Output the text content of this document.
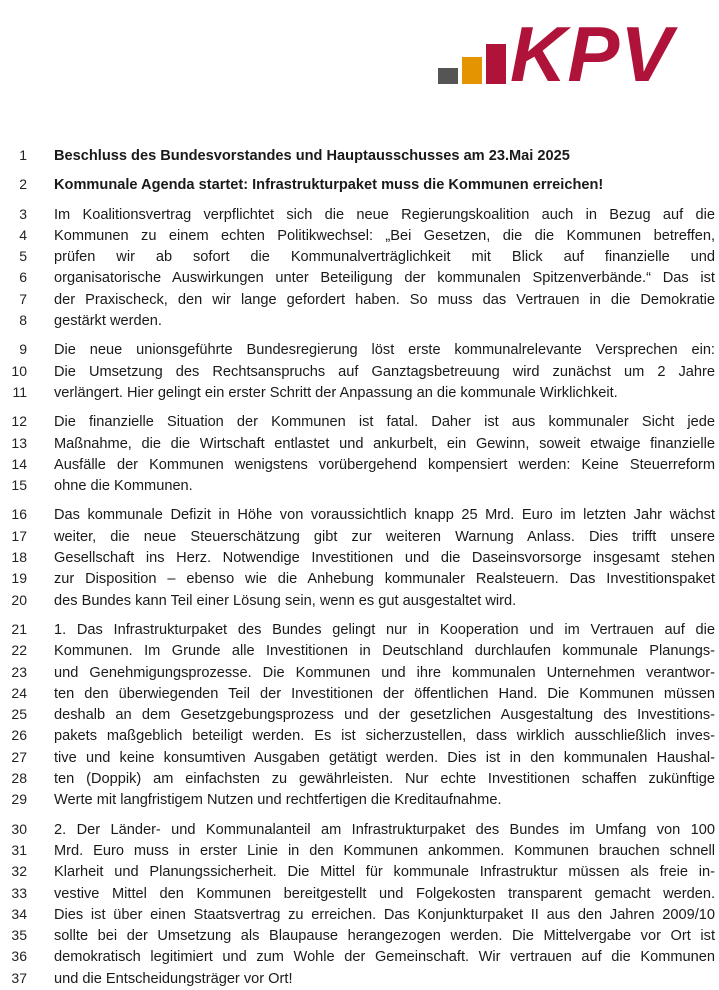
KPV
1	Beschluss des Bundesvorstandes und Hauptausschusses am 23.Mai 2025
2	Kommunale Agenda startet: Infrastrukturpaket muss die Kommunen erreichen!
3	Im Koalitionsvertrag verpflichtet sich die neue Regierungskoalition auch in Bezug auf die
4	Kommunen zu einem echten Politikwechsel: „Bei Gesetzen, die die Kommunen betreffen,
5	prüfen wir ab sofort die Kommunalverträglichkeit mit Blick auf finanzielle und
6	organisatorische Auswirkungen unter Beteiligung der kommunalen Spitzenverbände.“ Das ist
7	der Praxischeck, den wir lange gefordert haben. So muss das Vertrauen in die Demokratie
8	gestärkt werden.
9	Die neue unionsgeführte Bundesregierung löst erste kommunalrelevante Versprechen ein:
10	Die Umsetzung des Rechtsanspruchs auf Ganztagsbetreuung wird zunächst um 2 Jahre
11	verlängert. Hier gelingt ein erster Schritt der Anpassung an die kommunale Wirklichkeit.
12	Die finanzielle Situation der Kommunen ist fatal. Daher ist aus kommunaler Sicht jede
13	Maßnahme, die die Wirtschaft entlastet und ankurbelt, ein Gewinn, soweit etwaige finanzielle
14	Ausfälle der Kommunen wenigstens vorübergehend kompensiert werden: Keine Steuerreform
15	ohne die Kommunen.
16	Das kommunale Defizit in Höhe von voraussichtlich knapp 25 Mrd. Euro im letzten Jahr wächst
17	weiter, die neue Steuerschätzung gibt zur weiteren Warnung Anlass. Dies trifft unsere
18	Gesellschaft ins Herz. Notwendige Investitionen und die Daseinsvorsorge insgesamt stehen
19	zur Disposition – ebenso wie die Anhebung kommunaler Realsteuern. Das Investitionspaket
20	des Bundes kann Teil einer Lösung sein, wenn es gut ausgestaltet wird.
21	1. Das Infrastrukturpaket des Bundes gelingt nur in Kooperation und im Vertrauen auf die
22	Kommunen. Im Grunde alle Investitionen in Deutschland durchlaufen kommunale Planungs-
23	und Genehmigungsprozesse. Die Kommunen und ihre kommunalen Unternehmen verantwor-
24	ten den überwiegenden Teil der Investitionen der öffentlichen Hand. Die Kommunen müssen
25	deshalb an dem Gesetzgebungsprozess und der gesetzlichen Ausgestaltung des Investitions-
26	pakets maßgeblich beteiligt werden. Es ist sicherzustellen, dass wirklich ausschließlich inves-
27	tive und keine konsumtiven Ausgaben getätigt werden. Dies ist in den kommunalen Haushal-
28	ten (Doppik) am einfachsten zu gewährleisten. Nur echte Investitionen schaffen zukünftige
29	Werte mit langfristigem Nutzen und rechtfertigen die Kreditaufnahme.
30	2. Der Länder- und Kommunalanteil am Infrastrukturpaket des Bundes im Umfang von 100
31	Mrd. Euro muss in erster Linie in den Kommunen ankommen. Kommunen brauchen schnell
32	Klarheit und Planungssicherheit. Die Mittel für kommunale Infrastruktur müssen als freie in-
33	vestive Mittel den Kommunen bereitgestellt und Folgekosten transparent gemacht werden.
34	Dies ist über einen Staatsvertrag zu erreichen. Das Konjunkturpaket II aus den Jahren 2009/10
35	sollte bei der Umsetzung als Blaupause herangezogen werden. Die Mittelvergabe vor Ort ist
36	demokratisch legitimiert und zum Wohle der Gemeinschaft. Wir vertrauen auf die Kommunen
37	und die Entscheidungsträger vor Ort!
